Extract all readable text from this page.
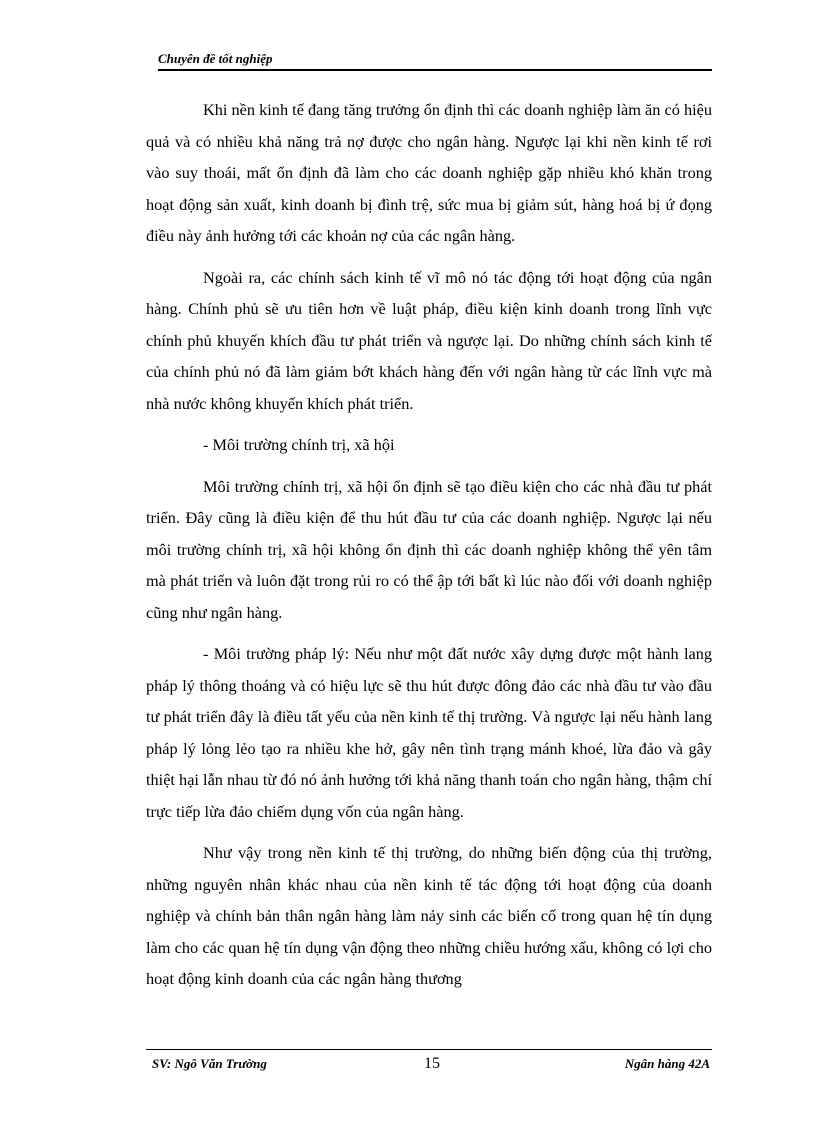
Chuyên đề tốt nghiệp

Khi nền kinh tế đang tăng trưởng ổn định thì các doanh nghiệp làm ăn có hiệu quả và có nhiều khả năng trả nợ được cho ngân hàng. Ngược lại khi nền kinh tế rơi vào suy thoái, mất ổn định đã làm cho các doanh nghiệp gặp nhiều khó khăn trong hoạt động sản xuất, kinh doanh bị đình trệ, sức mua bị giảm sút, hàng hoá bị ứ đọng điều này ảnh hưởng tới các khoản nợ của các ngân hàng.

Ngoài ra, các chính sách kinh tế vĩ mô nó tác động tới hoạt động của ngân hàng. Chính phủ sẽ ưu tiên hơn về luật pháp, điều kiện kinh doanh trong lĩnh vực chính phủ khuyến khích đầu tư phát triển và ngược lại. Do những chính sách kinh tế của chính phủ nó đã làm giảm bớt khách hàng đến với ngân hàng từ các lĩnh vực mà nhà nước không khuyến khích phát triển.

- Môi trường chính trị, xã hội

Môi trường chính trị, xã hội ổn định sẽ tạo điều kiện cho các nhà đầu tư phát triển. Đây cũng là điều kiện để thu hút đầu tư của các doanh nghiệp. Ngược lại nếu môi trường chính trị, xã hội không ổn định thì các doanh nghiệp không thể yên tâm mà phát triển và luôn đặt trong rủi ro có thể ập tới bất kì lúc nào đối với doanh nghiệp cũng như ngân hàng.

- Môi trường pháp lý: Nếu như một đất nước xây dựng được một hành lang pháp lý thông thoáng và có hiệu lực sẽ thu hút được đông đảo các nhà đầu tư vào đầu tư phát triển đây là điều tất yếu của nền kinh tế thị trường. Và ngược lại nếu hành lang pháp lý lỏng lẻo tạo ra nhiều khe hở, gây nên tình trạng mánh khoé, lừa đảo và gây thiệt hại lẫn nhau từ đó nó ảnh hưởng tới khả năng thanh toán cho ngân hàng, thậm chí trực tiếp lừa đảo chiếm dụng vốn của ngân hàng.

Như vậy trong nền kinh tế thị trường, do những biến động của thị trường, những nguyên nhân khác nhau của nền kinh tế tác động tới hoạt động của doanh nghiệp và chính bản thân ngân hàng làm nảy sinh các biến cố trong quan hệ tín dụng làm cho các quan hệ tín dụng vận động theo những chiều hướng xấu, không có lợi cho hoạt động kinh doanh của các ngân hàng thương

SV: Ngô Văn Trường	15	Ngân hàng 42A
